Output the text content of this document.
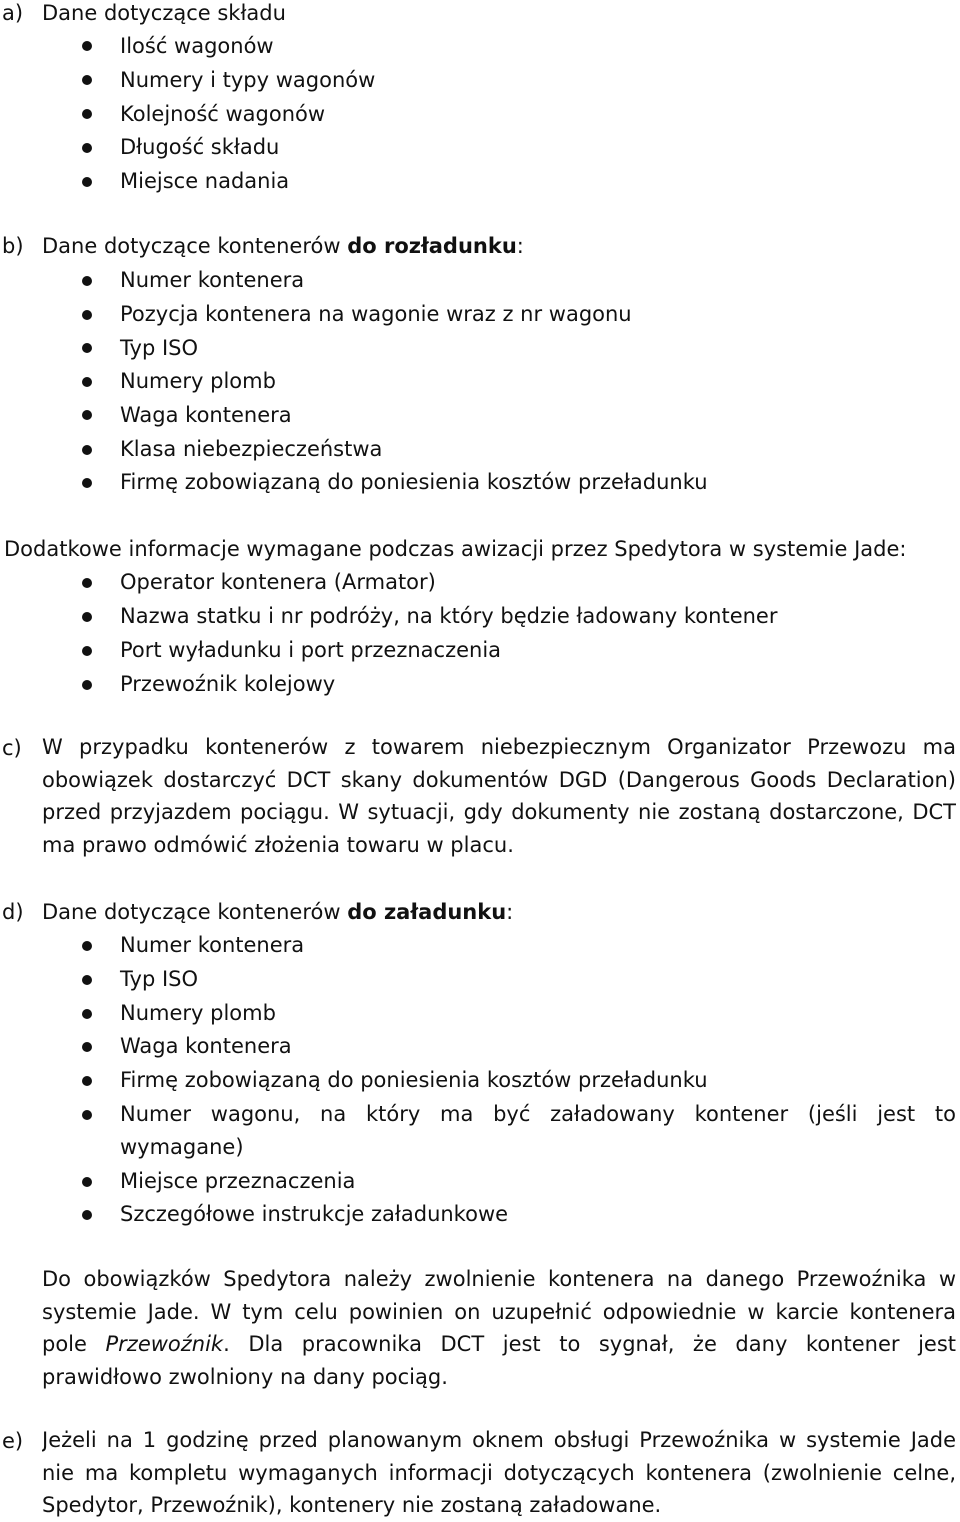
a) Dane dotyczące składu
Ilość wagonów
Numery i typy wagonów
Kolejność wagonów
Długość składu
Miejsce nadania
b) Dane dotyczące kontenerów do rozładunku:
Numer kontenera
Pozycja kontenera na wagonie wraz z nr wagonu
Typ ISO
Numery plomb
Waga kontenera
Klasa niebezpieczeństwa
Firmę zobowiązaną do poniesienia kosztów przeładunku
Dodatkowe informacje wymagane podczas awizacji przez Spedytora w systemie Jade:
Operator kontenera (Armator)
Nazwa statku i nr podróży, na który będzie ładowany kontener
Port wyładunku i port przeznaczenia
Przewoźnik kolejowy
c) W przypadku kontenerów z towarem niebezpiecznym Organizator Przewozu ma
obowiązek dostarczyć DCT skany dokumentów DGD (Dangerous Goods Declaration)
przed przyjazdem pociągu. W sytuacji, gdy dokumenty nie zostaną dostarczone, DCT
ma prawo odmówić złożenia towaru w placu.
d) Dane dotyczące kontenerów do załadunku:
Numer kontenera
Typ ISO
Numery plomb
Waga kontenera
Firmę zobowiązaną do poniesienia kosztów przeładunku
Numer wagonu, na który ma być załadowany kontener (jeśli jest to
wymagane)
Miejsce przeznaczenia
Szczegółowe instrukcje załadunkowe
Do obowiązków Spedytora należy zwolnienie kontenera na danego Przewoźnika w
systemie Jade. W tym celu powinien on uzupełnić odpowiednie w karcie kontenera
pole Przewoźnik. Dla pracownika DCT jest to sygnał, że dany kontener jest
prawidłowo zwolniony na dany pociąg.
e) Jeżeli na 1 godzinę przed planowanym oknem obsługi Przewoźnika w systemie Jade
nie ma kompletu wymaganych informacji dotyczących kontenera (zwolnienie celne,
Spedytor, Przewoźnik), kontenery nie zostaną załadowane.
